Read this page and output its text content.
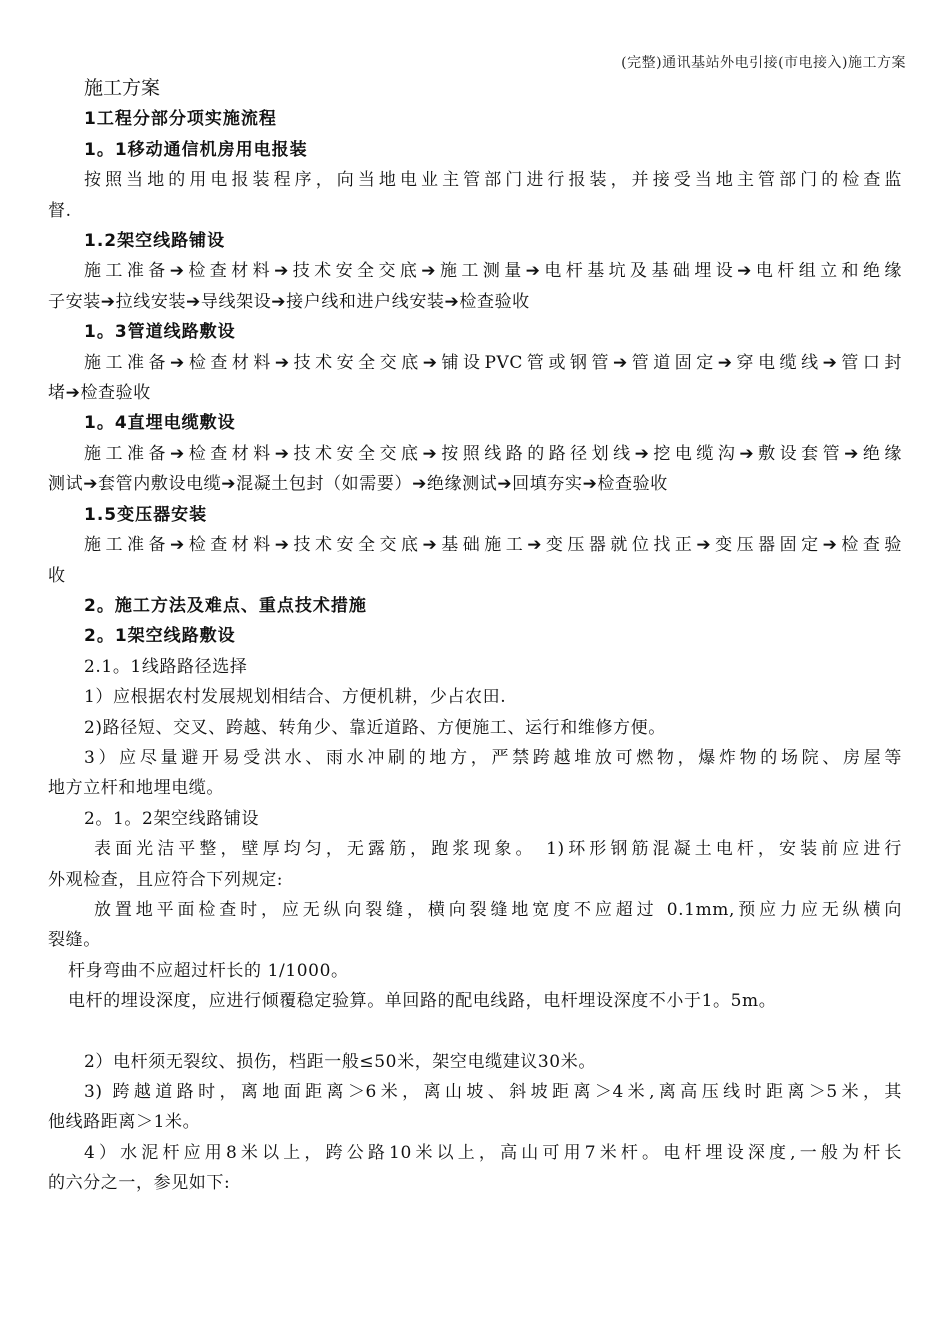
(完整)通讯基站外电引接(市电接入)施工方案
施工方案
1工程分部分项实施流程
1。1移动通信机房用电报装
按照当地的用电报装程序，向当地电业主管部门进行报装，并接受当地主管部门的检查监
督.
1.2架空线路铺设
施工准备➔检查材料➔技术安全交底➔施工测量➔电杆基坑及基础埋设➔电杆组立和绝缘
子安装➔拉线安装➔导线架设➔接户线和进户线安装➔检查验收
1。3管道线路敷设
施工准备➔检查材料➔技术安全交底➔铺设PVC管或钢管➔管道固定➔穿电缆线➔管口封
堵➔检查验收
1。4直埋电缆敷设
施工准备➔检查材料➔技术安全交底➔按照线路的路径划线➔挖电缆沟➔敷设套管➔绝缘
测试➔套管内敷设电缆➔混凝土包封（如需要）➔绝缘测试➔回填夯实➔检查验收
1.5变压器安装
施工准备➔检查材料➔技术安全交底➔基础施工➔变压器就位找正➔变压器固定➔检查验
收
2。施工方法及难点、重点技术措施
2。1架空线路敷设
2.1。1线路路径选择
1）应根据农村发展规划相结合、方便机耕，少占农田.
2)路径短、交叉、跨越、转角少、靠近道路、方便施工、运行和维修方便。
3）应尽量避开易受洪水、雨水冲刷的地方，严禁跨越堆放可燃物，爆炸物的场院、房屋等
地方立杆和地埋电缆。
2。1。2架空线路铺设
表面光洁平整，壁厚均匀，无露筋，跑浆现象。 1)环形钢筋混凝土电杆，安装前应进行
外观检查，且应符合下列规定:
放置地平面检查时，应无纵向裂缝，横向裂缝地宽度不应超过 0.1mm,预应力应无纵横向
裂缝。
杆身弯曲不应超过杆长的 1/1000。
电杆的埋设深度，应进行倾覆稳定验算。单回路的配电线路，电杆埋设深度不小于1。5m。
2）电杆须无裂纹、损伤，档距一般≤50米，架空电缆建议30米。
3) 跨越道路时，离地面距离＞6米，离山坡、斜坡距离＞4米,离高压线时距离＞5米，其
他线路距离＞1米。
4）水泥杆应用8米以上，跨公路10米以上，高山可用7米杆。电杆埋设深度,一般为杆长
的六分之一，参见如下:
